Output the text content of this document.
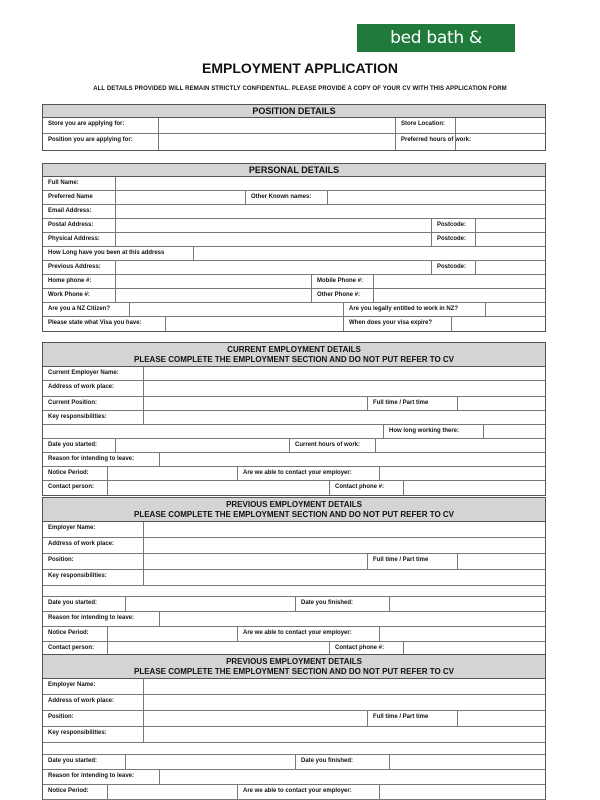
bed bath & beyond
EMPLOYMENT APPLICATION
ALL DETAILS PROVIDED WILL REMAIN STRICTLY CONFIDENTIAL. PLEASE PROVIDE A COPY OF YOUR CV WITH THIS APPLICATION FORM
POSITION DETAILS
Store you are applying for:	Store Location:
Position you are applying for:	Preferred hours of work:
PERSONAL DETAILS
Full Name:
Preferred Name	Other Known names:
Email Address:
Postal Address:	Postcode:
Physical Address:	Postcode:
How Long have you been at this address
Previous Address:	Postcode:
Home phone #:	Mobile Phone #:
Work Phone #:	Other Phone #:
Are you a NZ Citizen?	Are you legally entitled to work in NZ?
Please state what Visa you have:	When does your visa expire?
CURRENT EMPLOYMENT DETAILS
PLEASE COMPLETE THE EMPLOYMENT SECTION AND DO NOT PUT REFER TO CV
Current Employer Name:
Address of work place:
Current Position:	Full time / Part time
Key responsibilities:
How long working there:
Date you started:	Current hours of work:
Reason for intending to leave:
Notice Period:	Are we able to contact your employer:
Contact person:	Contact phone #:
PREVIOUS EMPLOYMENT DETAILS
PLEASE COMPLETE THE EMPLOYMENT SECTION AND DO NOT PUT REFER TO CV
Employer Name:
Address of work place:
Position:	Full time / Part time
Key responsibilities:
Date you started:	Date you finished:
Reason for intending to leave:
Notice Period:	Are we able to contact your employer:
Contact person:	Contact phone #:
PREVIOUS EMPLOYMENT DETAILS
PLEASE COMPLETE THE EMPLOYMENT SECTION AND DO NOT PUT REFER TO CV
Employer Name:
Address of work place:
Position:	Full time / Part time
Key responsibilities:
Date you started:	Date you finished:
Reason for intending to leave:
Notice Period:	Are we able to contact your employer:
